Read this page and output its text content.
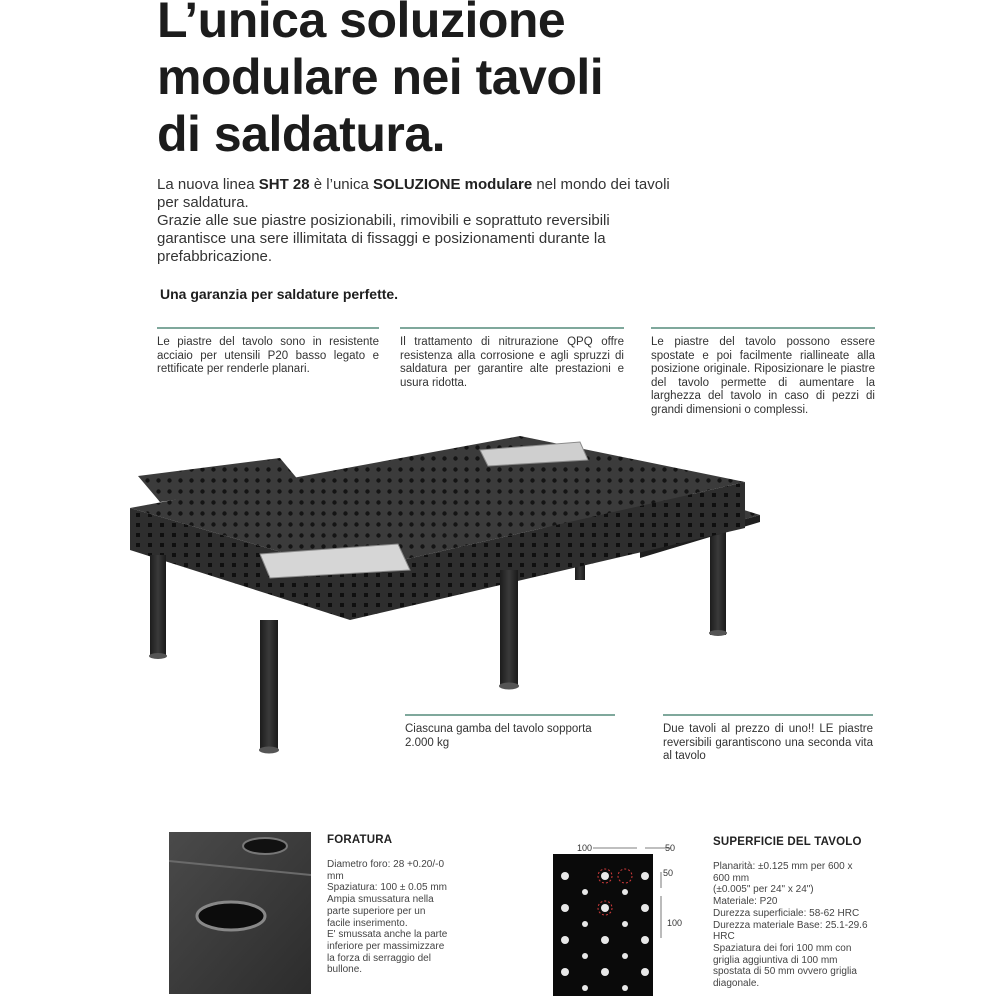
L’unica soluzione
modulare nei tavoli
di saldatura.

La nuova linea SHT 28 è l’unica SOLUZIONE modulare nel mondo dei tavoli per saldatura.

Grazie alle sue piastre posizionabili, rimovibili e soprattuto reversibili garantisce una sere illimitata di fissaggi e posizionamenti durante la prefabbricazione.

Una garanzia per saldature perfette.
Le piastre del tavolo sono in resistente acciaio per utensili P20 basso legato e rettificate per renderle planari.
Il trattamento di nitrurazione QPQ offre resistenza alla corrosione e agli spruzzi di saldatura per garantire alte prestazioni e usura ridotta.
Le piastre del tavolo possono essere spostate e poi facilmente riallineate alla posizione originale. Riposizionare le piastre del tavolo permette di aumentare la larghezza del tavolo in caso di pezzi di grandi dimensioni o complessi.
Ciascuna gamba del tavolo sopporta 2.000 kg
Due tavoli al prezzo di uno!! LE piastre reversibili garantiscono una seconda vita al tavolo
FORATURA
Diametro foro: 28 +0.20/-0
mm
Spaziatura: 100 ± 0.05 mm
Ampia smussatura nella
parte superiore per un
facile inserimento.
E' smussata anche la parte
inferiore per massimizzare
la forza di serraggio del
bullone.
100	50
50
100
SUPERFICIE DEL TAVOLO
Planarità: ±0.125 mm per 600 x
600 mm
(±0.005" per 24" x 24")
Materiale: P20
Durezza superficiale: 58-62 HRC
Durezza materiale Base: 25.1-29.6
HRC
Spaziatura dei fori 100 mm con
griglia aggiuntiva di 100 mm
spostata di 50 mm ovvero griglia
diagonale.
